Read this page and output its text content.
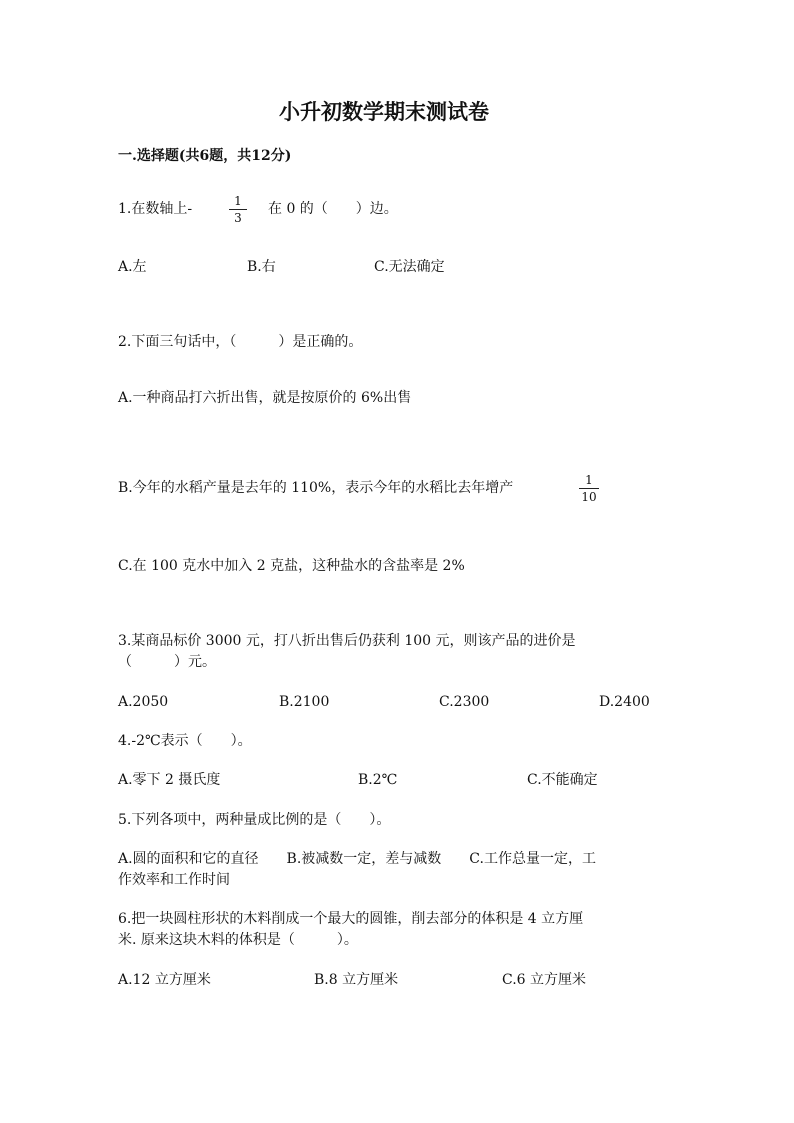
小升初数学期末测试卷
一.选择题(共6题，共12分)
1.在数轴上-	1
3
在 0 的（　　）边。
A.左	B.右	C.无法确定
2.下面三句话中，（　　　）是正确的。
A.一种商品打六折出售，就是按原价的 6%出售
B.今年的水稻产量是去年的 110%，表示今年的水稻比去年增产	1
10
C.在 100 克水中加入 2 克盐，这种盐水的含盐率是 2%
3.某商品标价 3000 元，打八折出售后仍获利 100 元，则该产品的进价是
（　　　）元。
A.2050	B.2100	C.2300	D.2400
4.-2℃表示（　　）。
A.零下 2 摄氏度	B.2℃	C.不能确定
5.下列各项中，两种量成比例的是（　　）。
A.圆的面积和它的直径　　B.被减数一定，差与减数　　C.工作总量一定，工
作效率和工作时间
6.把一块圆柱形状的木料削成一个最大的圆锥，削去部分的体积是 4 立方厘
米. 原来这块木料的体积是（　　　）。
A.12 立方厘米	B.8 立方厘米	C.6 立方厘米
